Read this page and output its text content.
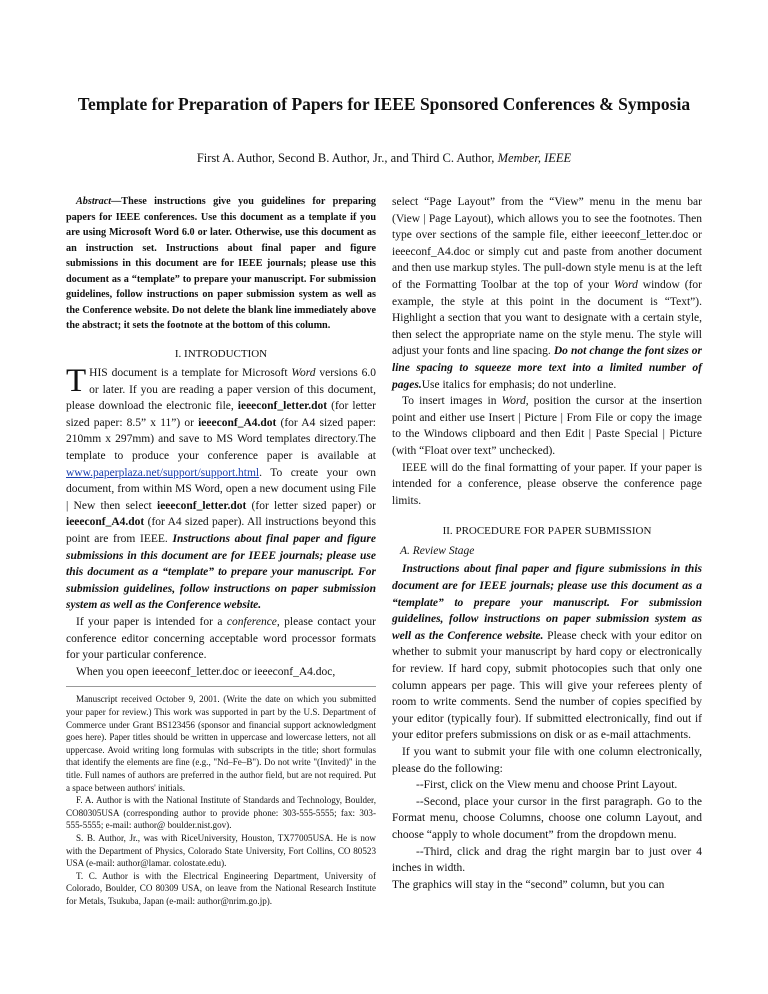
Template for Preparation of Papers for IEEE Sponsored Conferences & Symposia
First A. Author, Second B. Author, Jr., and Third C. Author, Member, IEEE

Abstract—These instructions give you guidelines for preparing papers for IEEE conferences. Use this document as a template if you are using Microsoft Word 6.0 or later. Otherwise, use this document as an instruction set. Instructions about final paper and figure submissions in this document are for IEEE journals; please use this document as a “template” to prepare your manuscript. For submission guidelines, follow instructions on paper submission system as well as the Conference website. Do not delete the blank line immediately above the abstract; it sets the footnote at the bottom of this column.

I. INTRODUCTION

THIS document is a template for Microsoft Word versions 6.0 or later. If you are reading a paper version of this document, please download the electronic file, ieeeconf_letter.dot (for letter sized paper: 8.5” x 11”) or ieeeconf_A4.dot (for A4 sized paper: 210mm x 297mm) and save to MS Word templates directory.The template to produce your conference paper is available at www.paperplaza.net/support/support.html. To create your own document, from within MS Word, open a new document using File | New then select ieeeconf_letter.dot (for letter sized paper) or ieeeconf_A4.dot (for A4 sized paper). All instructions beyond this point are from IEEE. Instructions about final paper and figure submissions in this document are for IEEE journals; please use this document as a “template” to prepare your manuscript. For submission guidelines, follow instructions on paper submission system as well as the Conference website.

If your paper is intended for a conference, please contact your conference editor concerning acceptable word processor formats for your particular conference.

When you open ieeeconf_letter.doc or ieeeconf_A4.doc,

Manuscript received October 9, 2001. (Write the date on which you submitted your paper for review.) This work was supported in part by the U.S. Department of Commerce under Grant BS123456 (sponsor and financial support acknowledgment goes here). Paper titles should be written in uppercase and lowercase letters, not all uppercase. Avoid writing long formulas with subscripts in the title; short formulas that identify the elements are fine (e.g., "Nd–Fe–B"). Do not write "(Invited)" in the title. Full names of authors are preferred in the author field, but are not required. Put a space between authors' initials.

F. A. Author is with the National Institute of Standards and Technology, Boulder, CO80305USA (corresponding author to provide phone: 303-555-5555; fax: 303-555-5555; e-mail: author@ boulder.nist.gov).

S. B. Author, Jr., was with RiceUniversity, Houston, TX77005USA. He is now with the Department of Physics, Colorado State University, Fort Collins, CO 80523 USA (e-mail: author@lamar. colostate.edu).

T. C. Author is with the Electrical Engineering Department, University of Colorado, Boulder, CO 80309 USA, on leave from the National Research Institute for Metals, Tsukuba, Japan (e-mail: author@nrim.go.jp).

select “Page Layout” from the “View” menu in the menu bar (View | Page Layout), which allows you to see the footnotes. Then type over sections of the sample file, either ieeeconf_letter.doc or ieeeconf_A4.doc or simply cut and paste from another document and then use markup styles. The pull-down style menu is at the left of the Formatting Toolbar at the top of your Word window (for example, the style at this point in the document is “Text”). Highlight a section that you want to designate with a certain style, then select the appropriate name on the style menu. The style will adjust your fonts and line spacing. Do not change the font sizes or line spacing to squeeze more text into a limited number of pages.Use italics for emphasis; do not underline.

To insert images in Word, position the cursor at the insertion point and either use Insert | Picture | From File or copy the image to the Windows clipboard and then Edit | Paste Special | Picture (with “Float over text” unchecked).

IEEE will do the final formatting of your paper. If your paper is intended for a conference, please observe the conference page limits.

II. PROCEDURE FOR PAPER SUBMISSION
A. Review Stage

Instructions about final paper and figure submissions in this document are for IEEE journals; please use this document as a “template” to prepare your manuscript. For submission guidelines, follow instructions on paper submission system as well as the Conference website. Please check with your editor on whether to submit your manuscript by hard copy or electronically for review. If hard copy, submit photocopies such that only one column appears per page. This will give your referees plenty of room to write comments. Send the number of copies specified by your editor (typically four). If submitted electronically, find out if your editor prefers submissions on disk or as e-mail attachments.

If you want to submit your file with one column electronically, please do the following:

--First, click on the View menu and choose Print Layout.

--Second, place your cursor in the first paragraph. Go to the Format menu, choose Columns, choose one column Layout, and choose “apply to whole document” from the dropdown menu.

--Third, click and drag the right margin bar to just over 4 inches in width.

The graphics will stay in the “second” column, but you can
